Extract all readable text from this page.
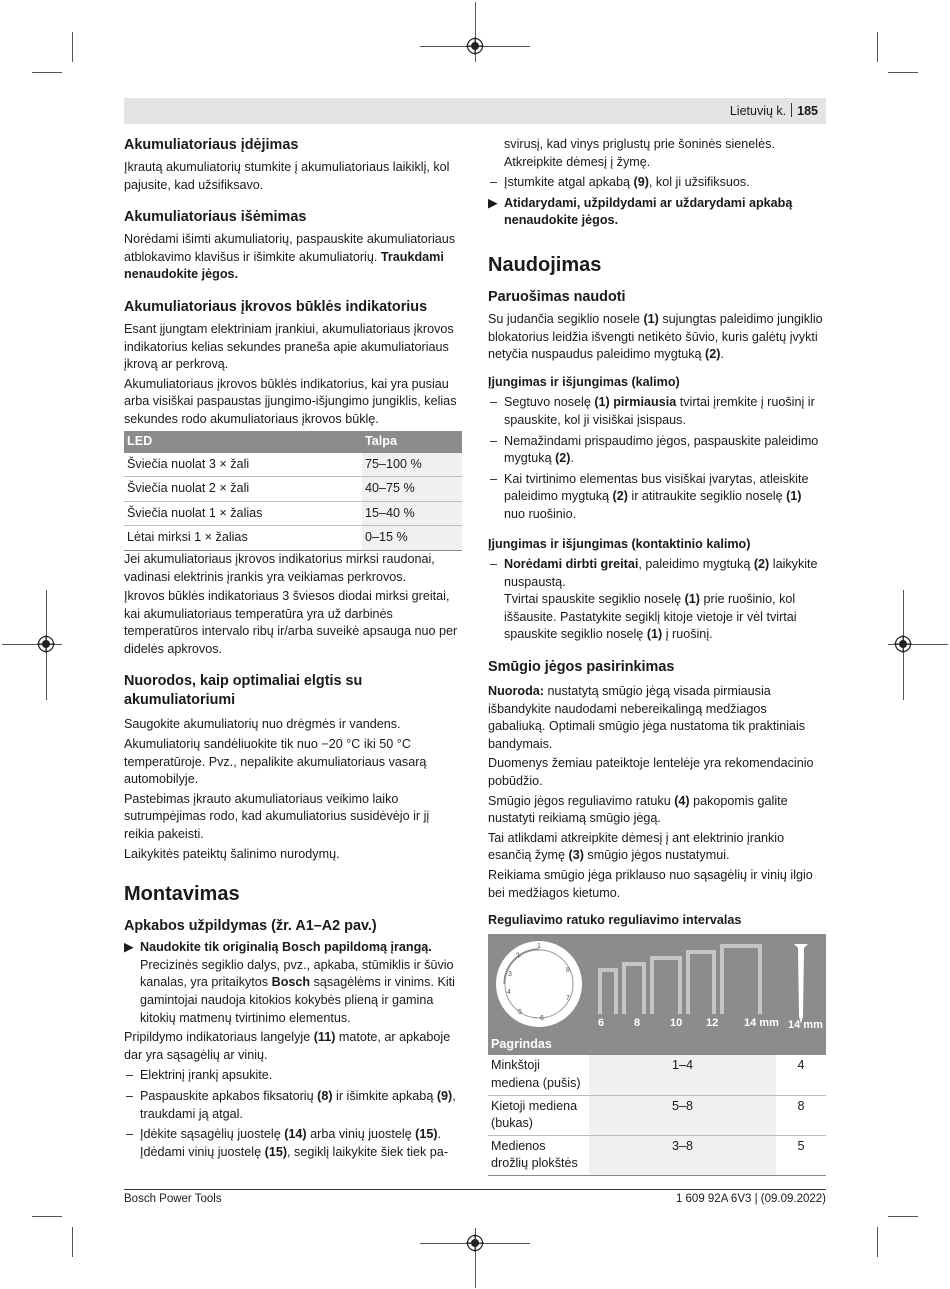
Lietuvių k. 185
Akumuliatoriaus įdėjimas

Įkrautą akumuliatorių stumkite į akumuliatoriaus laikiklį, kol pajusite, kad užsifiksavo.

Akumuliatoriaus išėmimas

Norėdami išimti akumuliatorių, paspauskite akumuliatoriaus atblokavimo klavišus ir išimkite akumuliatorių. Traukdami nenaudokite jėgos.

Akumuliatoriaus įkrovos būklės indikatorius

Esant įjungtam elektriniam įrankiui, akumuliatoriaus įkrovos indikatorius kelias sekundes praneša apie akumuliatoriaus įkrovą ar perkrovą.

Akumuliatoriaus įkrovos būklės indikatorius, kai yra pusiau arba visiškai paspaustas įjungimo-išjungimo jungiklis, kelias sekundes rodo akumuliatoriaus įkrovos būklę.

LED	Talpa
Šviečia nuolat 3 × žali	75–100 %
Šviečia nuolat 2 × žali	40–75 %
Šviečia nuolat 1 × žalias	15–40 %
Lėtai mirksi 1 × žalias	0–15 %

Jei akumuliatoriaus įkrovos indikatorius mirksi raudonai, vadinasi elektrinis įrankis yra veikiamas perkrovos.

Įkrovos būklės indikatoriaus 3 šviesos diodai mirksi greitai, kai akumuliatoriaus temperatūra yra už darbinės temperatūros intervalo ribų ir/arba suveikė apsauga nuo per didelės apkrovos.

Nuorodos, kaip optimaliai elgtis su akumuliatoriumi

Saugokite akumuliatorių nuo drėgmės ir vandens.

Akumuliatorių sandėliuokite tik nuo −20 °C iki 50 °C temperatūroje. Pvz., nepalikite akumuliatoriaus vasarą automobilyje.

Pastebimas įkrauto akumuliatoriaus veikimo laiko sutrumpėjimas rodo, kad akumuliatorius susidėvėjo ir jį reikia pakeisti.

Laikykitės pateiktų šalinimo nurodymų.

Montavimas
Apkabos užpildymas (žr. A1–A2 pav.)
▶ Naudokite tik originalią Bosch papildomą įrangą. Precizinės segiklio dalys, pvz., apkaba, stūmiklis ir šūvio kanalas, yra pritaikytos Bosch sąsagėlėms ir vinims. Kiti gamintojai naudoja kitokios kokybės plieną ir gamina kitokių matmenų tvirtinimo elementus.

Pripildymo indikatoriaus langelyje (11) matote, ar apkaboje dar yra sąsagėlių ar vinių.

– Elektrinį įrankį apsukite.
– Paspauskite apkabos fiksatorių (8) ir išimkite apkabą (9), traukdami ją atgal.
– Įdėkite sąsagėlių juostelę (14) arba vinių juostelę (15). Įdėdami vinių juostelę (15), segiklį laikykite šiek tiek pa-
svirusį, kad vinys priglustų prie šoninės sienelės. Atkreipkite dėmesį į žymę.
– Įstumkite atgal apkabą (9), kol ji užsifiksuos.
▶ Atidarydami, užpildydami ar uždarydami apkabą nenaudokite jėgos.
Naudojimas
Paruošimas naudoti

Su judančia segiklio nosele (1) sujungtas paleidimo jungiklio blokatorius leidžia išvengti netikėto šūvio, kuris galėtų įvykti netyčia nuspaudus paleidimo mygtuką (2).

Įjungimas ir išjungimas (kalimo)
– Segtuvo noselę (1) pirmiausia tvirtai įremkite į ruošinį ir spauskite, kol ji visiškai įsispaus.
– Nemažindami prispaudimo jėgos, paspauskite paleidimo mygtuką (2).
– Kai tvirtinimo elementas bus visiškai įvarytas, atleiskite paleidimo mygtuką (2) ir atitraukite segiklio noselę (1) nuo ruošinio.
Įjungimas ir išjungimas (kontaktinio kalimo)
– Norėdami dirbti greitai, paleidimo mygtuką (2) laikykite nuspaustą.
Tvirtai spauskite segiklio noselę (1) prie ruošinio, kol iššausite. Pastatykite segiklį kitoje vietoje ir vėl tvirtai spauskite segiklio noselę (1) į ruošinį.
Smūgio jėgos pasirinkimas

Nuoroda: nustatytą smūgio jėgą visada pirmiausia išbandykite naudodami nebereikalingą medžiagos gabaliuką. Optimali smūgio jėga nustatoma tik praktiniais bandymais.

Duomenys žemiau pateiktoje lentelėje yra rekomendacinio pobūdžio.

Smūgio jėgos reguliavimo ratuku (4) pakopomis galite nustatyti reikiamą smūgio jėgą.

Tai atlikdami atkreipkite dėmesį į ant elektrinio įrankio esančią žymę (3) smūgio jėgos nustatymui.

Reikiama smūgio jėga priklauso nuo sąsagėlių ir vinių ilgio bei medžiagos kietumo.

Reguliavimo ratuko reguliavimo intervalas
1
2
3
4
5
6
7
8
6	8	10 12 14 mm 14 mm
Pagrindas		
Minkštoji mediena (pušis)	1–4	4
Kietoji mediena (bukas)	5–8	8
Medienos drožlių plokštės	3–8	5
Bosch Power Tools	1 609 92A 6V3 | (09.09.2022)
